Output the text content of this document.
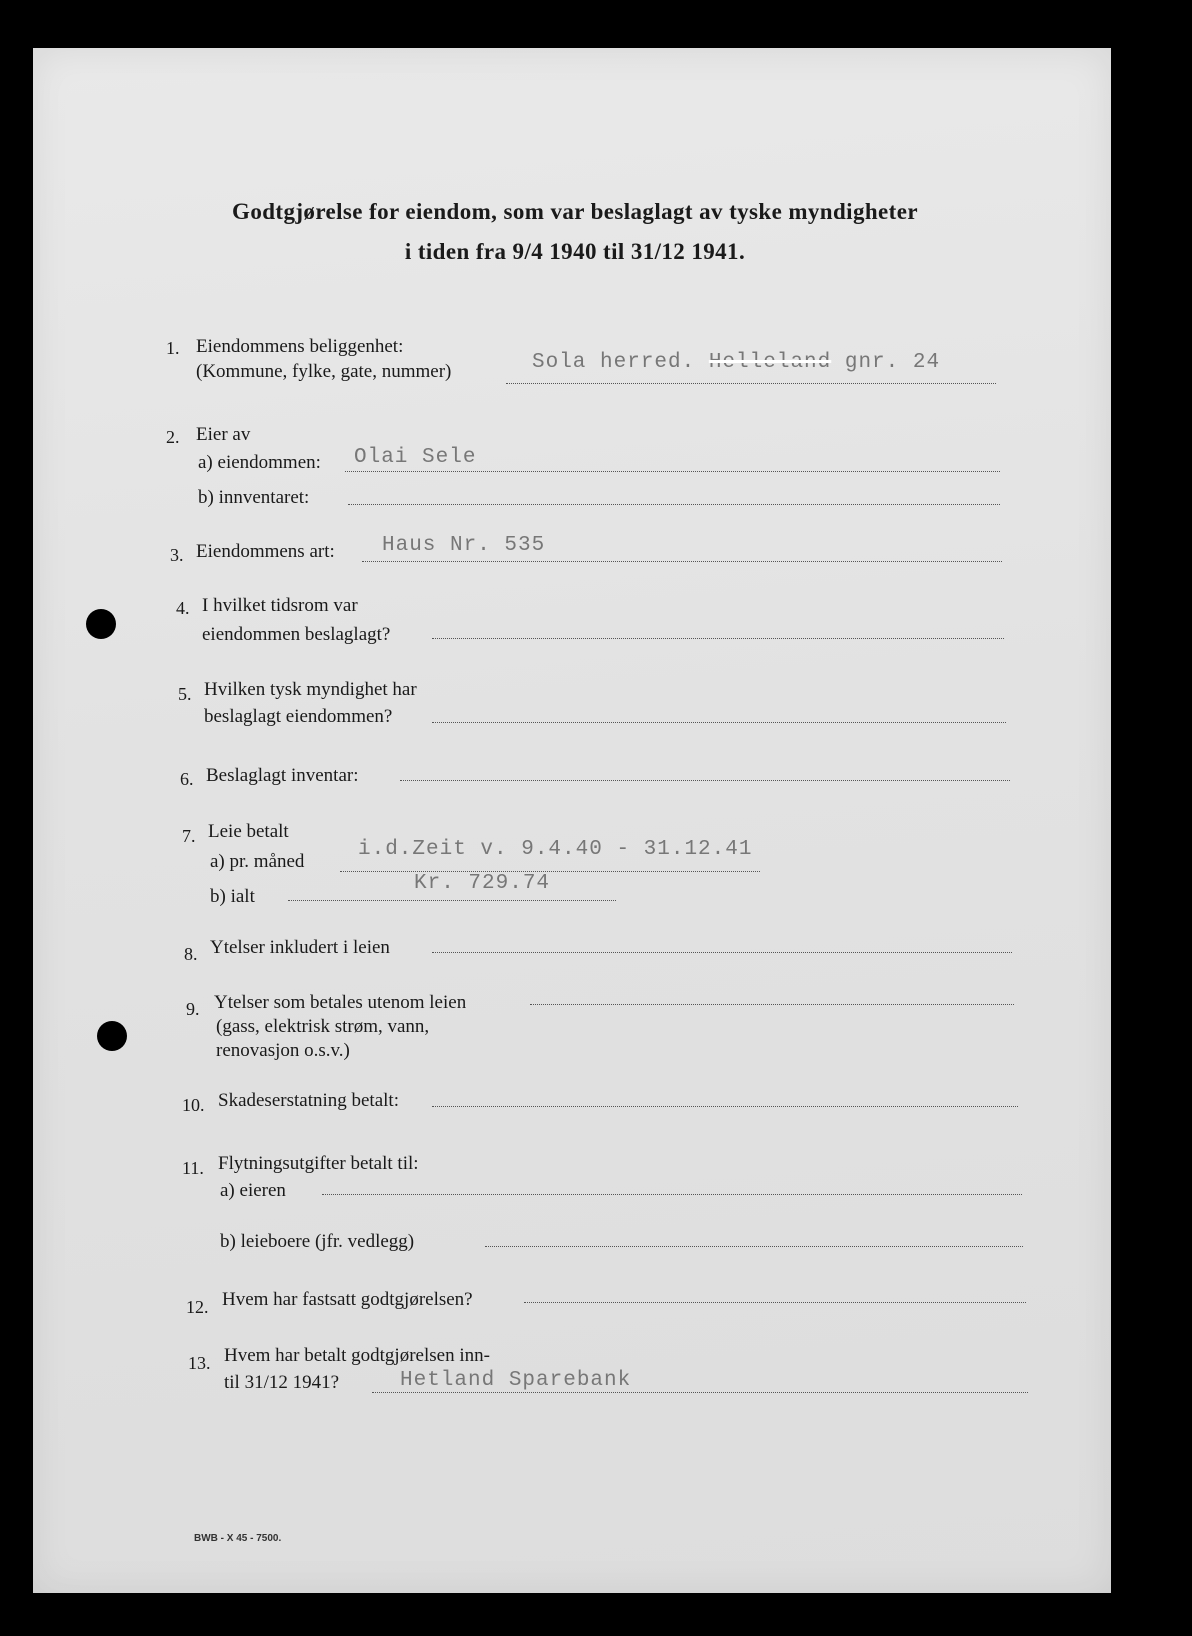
Godtgjørelse for eiendom, som var beslaglagt av tyske myndigheter
i tiden fra 9/4 1940 til 31/12 1941.
1. Eiendommens beliggenhet:
(Kommune, fylke, gate, nummer)	Sola herred. Helleland gnr. 24
2. Eier av
a) eiendommen: Olai Sele
b) innventaret:
3. Eiendommens art: Haus Nr. 535
4. I hvilket tidsrom var
eiendommen beslaglagt?
5. Hvilken tysk myndighet har
beslaglagt eiendommen?
6. Beslaglagt inventar:
7. Leie betalt
a) pr. måned
i.d.Zeit v. 9.4.40 - 31.12.41
b) ialt
Kr. 729.74
8. Ytelser inkludert i leien
9. Ytelser som betales utenom leien
(gass, elektrisk strøm, vann,
renovasjon o.s.v.)
10. Skadeserstatning betalt:
11. Flytningsutgifter betalt til:
a) eieren
b) leieboere (jfr. vedlegg)
12. Hvem har fastsatt godtgjørelsen?
13. Hvem har betalt godtgjørelsen inn-
til 31/12 1941?	Hetland Sparebank
BWB - X 45 - 7500.
